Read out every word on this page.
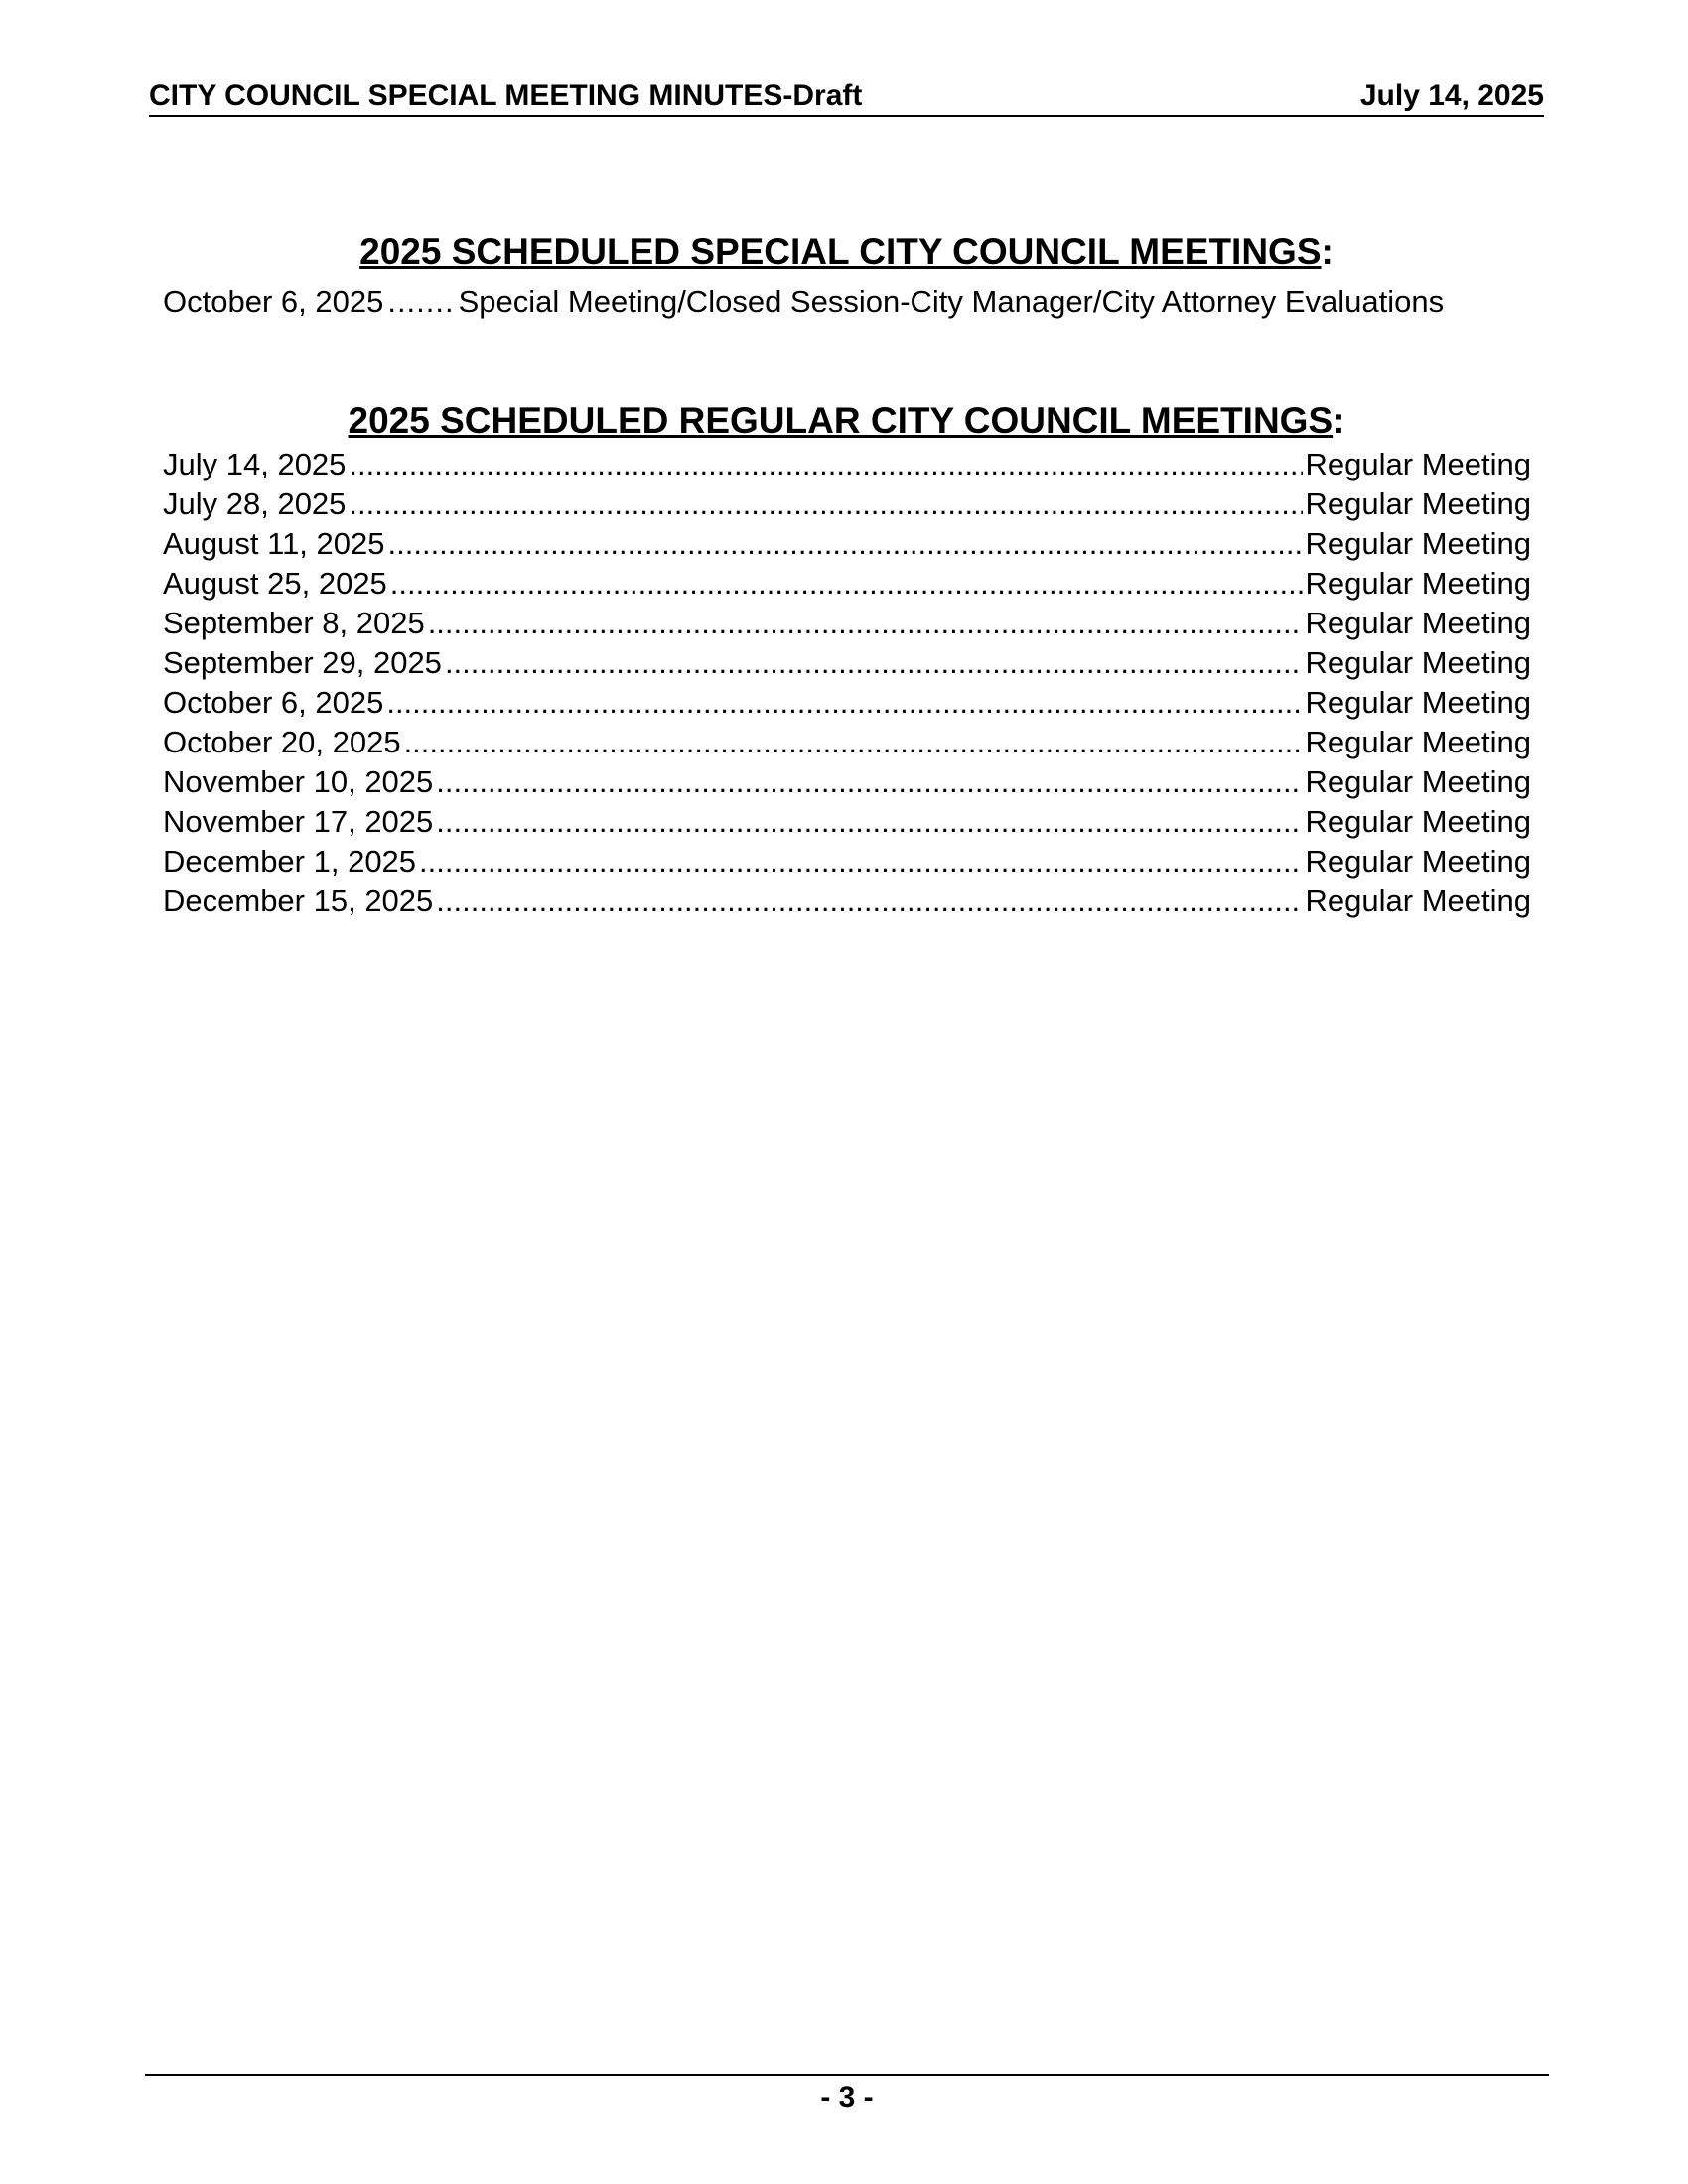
CITY COUNCIL SPECIAL MEETING MINUTES-Draft	July 14, 2025
2025 SCHEDULED SPECIAL CITY COUNCIL MEETINGS:
October 6, 2025 ....... Special Meeting/Closed Session-City Manager/City Attorney Evaluations
2025 SCHEDULED REGULAR CITY COUNCIL MEETINGS:
July 14, 2025 .....	Regular Meeting
July 28, 2025 .....	Regular Meeting
August 11, 2025 .....	Regular Meeting
August 25, 2025 .....	Regular Meeting
September 8, 2025 .....	Regular Meeting
September 29, 2025 .....	Regular Meeting
October 6, 2025 .....	Regular Meeting
October 20, 2025 .....	Regular Meeting
November 10, 2025 .....	Regular Meeting
November 17, 2025 .....	Regular Meeting
December 1, 2025 .....	Regular Meeting
December 15, 2025 .....	Regular Meeting
- 3 -
